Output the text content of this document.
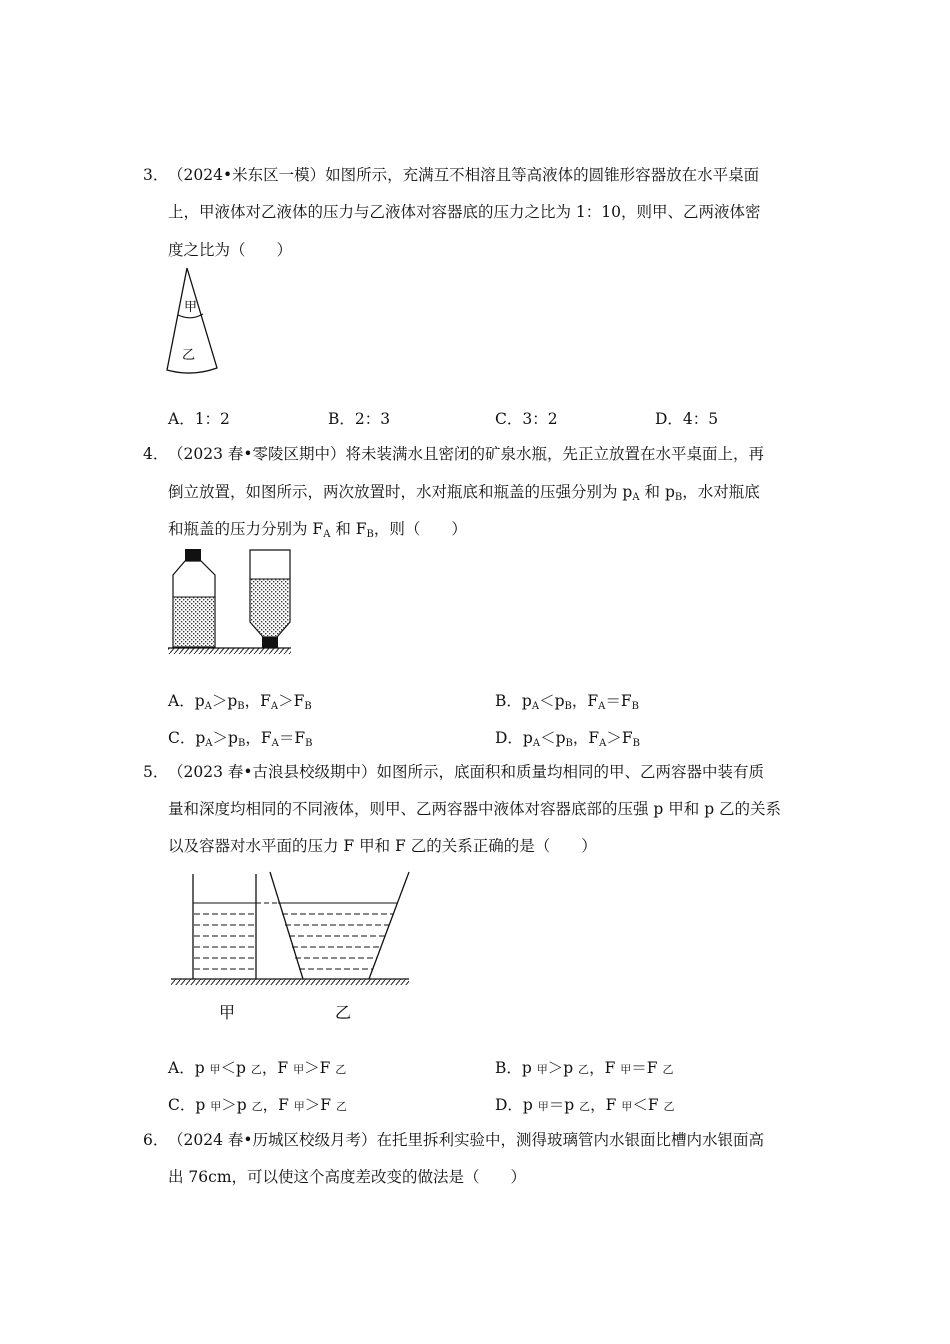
3． （2024•米东区一模）如图所示，充满互不相溶且等高液体的圆锥形容器放在水平桌面
上，甲液体对乙液体的压力与乙液体对容器底的压力之比为 1：10，则甲、乙两液体密
度之比为（　　）
甲
乙
A．1：2	B．2：3	C．3：2	D．4：5
4． （2023 春•零陵区期中）将未装满水且密闭的矿泉水瓶，先正立放置在水平桌面上，再
倒立放置，如图所示，两次放置时，水对瓶底和瓶盖的压强分别为 $p_A$ 和 $p_B$，水对瓶底
和瓶盖的压力分别为 $F_A$ 和 $F_B$，则（　　）
A．$p_A>p_B$，$F_A>F_B$	B．$p_A<p_B$，$F_A=F_B$
C．$p_A>p_B$，$F_A=F_B$	D．$p_A<p_B$，$F_A>F_B$
5． （2023 春•古浪县校级期中）如图所示，底面积和质量均相同的甲、乙两容器中装有质
量和深度均相同的不同液体，则甲、乙两容器中液体对容器底部的压强 p 甲和 p 乙的关系
以及容器对水平面的压力 F 甲和 F 乙的关系正确的是（　　）
甲	乙
A．p 甲＜p 乙，F 甲＞F 乙	B．p 甲＞p 乙，F 甲＝F 乙
C．p 甲＞p 乙，F 甲＞F 乙	D．p 甲＝p 乙，F 甲＜F 乙
6． （2024 春•历城区校级月考）在托里拆利实验中，测得玻璃管内水银面比槽内水银面高
出 76cm，可以使这个高度差改变的做法是（　　）
